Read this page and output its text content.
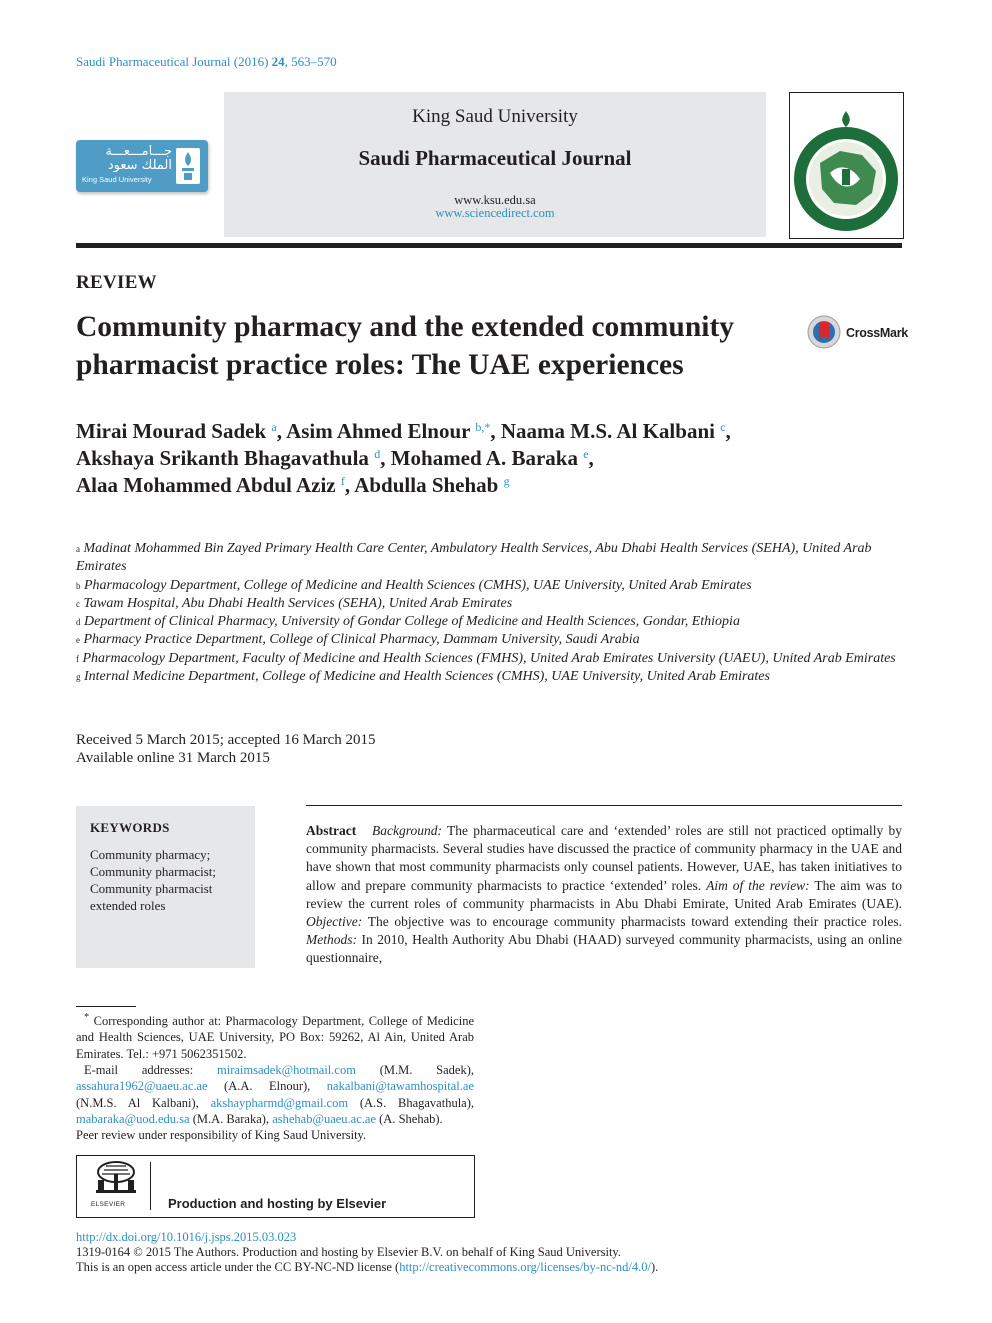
Saudi Pharmaceutical Journal (2016) 24, 563–570
جـــامـــعـــة
الملك سعود
King Saud University
King Saud University
Saudi Pharmaceutical Journal
www.ksu.edu.sa
www.sciencedirect.com
REVIEW
Community pharmacy and the extended community pharmacist practice roles: The UAE experiences
CrossMark
Mirai Mourad Sadek $^a$, Asim Ahmed Elnour $^{b,*}$, Naama M.S. Al Kalbani $^c$,
Akshaya Srikanth Bhagavathula $^d$, Mohamed A. Baraka $^e$,
Alaa Mohammed Abdul Aziz $^f$, Abdulla Shehab $^g$

$^a$ Madinat Mohammed Bin Zayed Primary Health Care Center, Ambulatory Health Services, Abu Dhabi Health Services (SEHA), United Arab Emirates

$^b$ Pharmacology Department, College of Medicine and Health Sciences (CMHS), UAE University, United Arab Emirates

$^c$ Tawam Hospital, Abu Dhabi Health Services (SEHA), United Arab Emirates

$^d$ Department of Clinical Pharmacy, University of Gondar College of Medicine and Health Sciences, Gondar, Ethiopia

$^e$ Pharmacy Practice Department, College of Clinical Pharmacy, Dammam University, Saudi Arabia

$^f$ Pharmacology Department, Faculty of Medicine and Health Sciences (FMHS), United Arab Emirates University (UAEU), United Arab Emirates

$^g$ Internal Medicine Department, College of Medicine and Health Sciences (CMHS), UAE University, United Arab Emirates

Received 5 March 2015; accepted 16 March 2015
Available online 31 March 2015
KEYWORDS
Community pharmacy;
Community pharmacist;
Community pharmacist
extended roles
Abstract Background: The pharmaceutical care and ‘extended’ roles are still not practiced optimally by community pharmacists. Several studies have discussed the practice of community pharmacy in the UAE and have shown that most community pharmacists only counsel patients. However, UAE, has taken initiatives to allow and prepare community pharmacists to practice ‘extended’ roles. Aim of the review: The aim was to review the current roles of community pharmacists in Abu Dhabi Emirate, United Arab Emirates (UAE). Objective: The objective was to encourage community pharmacists toward extending their practice roles. Methods: In 2010, Health Authority Abu Dhabi (HAAD) surveyed community pharmacists, using an online questionnaire,
* Corresponding author at: Pharmacology Department, College of Medicine and Health Sciences, UAE University, PO Box: 59262, Al Ain, United Arab Emirates. Tel.: +971 5062351502.
E-mail addresses: miraimsadek@hotmail.com (M.M. Sadek), assahura1962@uaeu.ac.ae (A.A. Elnour), nakalbani@tawamhospital.ae (N.M.S. Al Kalbani), akshaypharmd@gmail.com (A.S. Bhagavathula), mabaraka@uod.edu.sa (M.A. Baraka), ashehab@uaeu.ac.ae (A. Shehab).
Peer review under responsibility of King Saud University.
ELSEVIER	Production and hosting by Elsevier
http://dx.doi.org/10.1016/j.jsps.2015.03.023
1319-0164 © 2015 The Authors. Production and hosting by Elsevier B.V. on behalf of King Saud University.
This is an open access article under the CC BY-NC-ND license (http://creativecommons.org/licenses/by-nc-nd/4.0/).
